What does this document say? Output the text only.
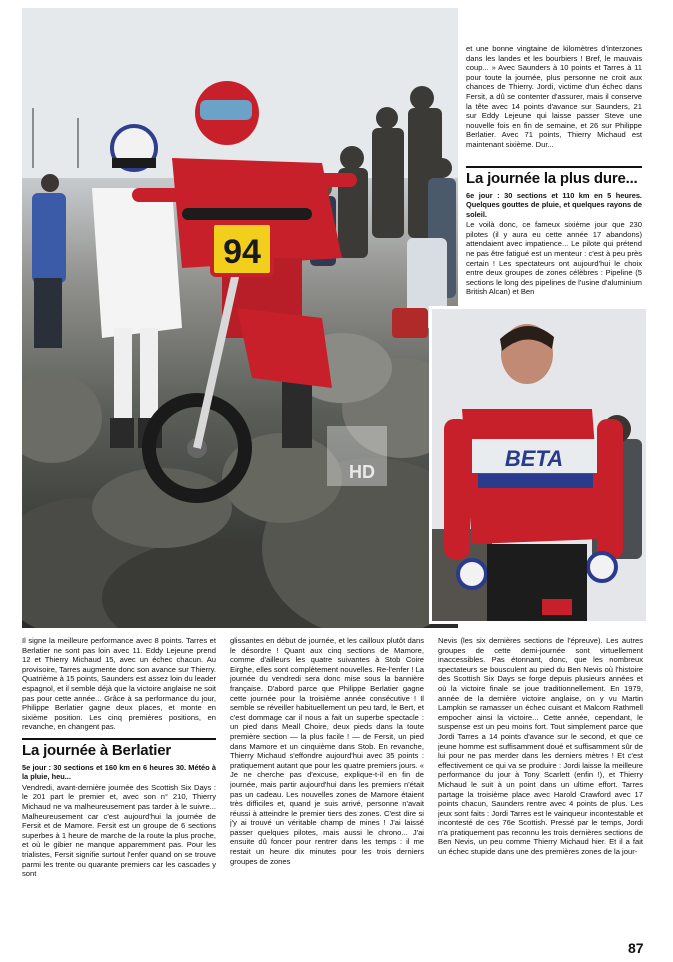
94
HD
BETA

et une bonne vingtaine de kilomètres d'interzones dans les landes et les bourbiers ! Bref, le mauvais coup... » Avec Saunders à 10 points et Tarres à 11 pour toute la journée, plus personne ne croit aux chances de Thierry. Jordi, victime d'un échec dans Fersit, a dû se contenter d'assurer, mais il conserve la tête avec 14 points d'avance sur Saunders, 21 sur Eddy Lejeune qui laisse passer Steve une nouvelle fois en fin de semaine, et 26 sur Philippe Berlatier. Avec 71 points, Thierry Michaud est maintenant sixième. Dur...

La journée la plus dure...
6e jour : 30 sections et 110 km en 5 heures. Quelques gouttes de pluie, et quelques rayons de soleil.

Le voilà donc, ce fameux sixième jour que 230 pilotes (il y aura eu cette année 17 abandons) attendaient avec impatience... Le pilote qui prétend ne pas être fatigué est un menteur : c'est à peu près certain ! Les spectateurs ont aujourd'hui le choix entre deux groupes de zones célèbres : Pipeline (5 sections le long des pipelines de l'usine d'aluminium British Alcan) et Ben

Il signe la meilleure performance avec 8 points. Tarres et Berlatier ne sont pas loin avec 11. Eddy Lejeune prend 12 et Thierry Michaud 15, avec un échec chacun. Au provisoire, Tarres augmente donc son avance sur Thierry. Quatrième à 15 points, Saunders est assez loin du leader espagnol, et il semble déjà que la victoire anglaise ne soit pas pour cette année... Grâce à sa performance du jour, Philippe Berlatier gagne deux places, et monte en sixième position. Les cinq premières positions, en revanche, en changent pas.

La journée à Berlatier
5e jour : 30 sections et 160 km en 6 heures 30. Météo à la pluie, heu...

Vendredi, avant-dernière journée des Scottish Six Days : le 201 part le premier et, avec son n° 210, Thierry Michaud ne va malheureusement pas tarder à le suivre... Malheureusement car c'est aujourd'hui la journée de Fersit et de Mamore. Fersit est un groupe de 6 sections superbes à 1 heure de marche de la route la plus proche, et où le gibier ne manque apparemment pas. Pour les trialistes, Fersit signifie surtout l'enfer quand on se trouve parmi les trente ou quarante premiers car les cascades y sont

glissantes en début de journée, et les cailloux plutôt dans le désordre ! Quant aux cinq sections de Mamore, comme d'ailleurs les quatre suivantes à Stob Coire Eirghe, elles sont complètement nouvelles. Re-l'enfer ! La journée du vendredi sera donc mise sous la bannière française. D'abord parce que Philippe Berlatier gagne cette journée pour la troisième année consécutive ! Il semble se réveiller habituellement un peu tard, le Bert, et c'est dommage car il nous a fait un superbe spectacle : un pied dans Meall Choire, deux pieds dans la toute première section — la plus facile ! — de Fersit, un pied dans Mamore et un cinquième dans Stob. En revanche, Thierry Michaud s'effondre aujourd'hui avec 35 points : pratiquement autant que pour les quatre premiers jours. « Je ne cherche pas d'excuse, explique-t-il en fin de journée, mais partir aujourd'hui dans les premiers n'était pas un cadeau. Les nouvelles zones de Mamore étaient très difficiles et, quand je suis arrivé, personne n'avait réussi à atteindre le premier tiers des zones. C'est dire si j'y ai trouvé un véritable champ de mines ! J'ai laissé passer quelques pilotes, mais aussi le chrono... J'ai ensuite dû foncer pour rentrer dans les temps : il me restait un heure dix minutes pour les trois derniers groupes de zones

Nevis (les six dernières sections de l'épreuve). Les autres groupes de cette demi-journée sont virtuellement inaccessibles. Pas étonnant, donc, que les nombreux spectateurs se bousculent au pied du Ben Nevis où l'histoire des Scottish Six Days se forge depuis plusieurs années et où la victoire finale se joue traditionnellement. En 1979, année de la dernière victoire anglaise, on y vu Martin Lampkin se ramasser un échec cuisant et Malcom Rathmell empocher ainsi la victoire... Cette année, cependant, le suspense est un peu moins fort. Tout simplement parce que Jordi Tarres a 14 points d'avance sur le second, et que ce jeune homme est suffisamment doué et suffisamment sûr de lui pour ne pas merder dans les derniers mètres ! Et c'est effectivement ce qui va se produire : Jordi laisse la meilleure performance du jour à Tony Scarlett (enfin !), et Thierry Michaud le suit à un point dans un ultime effort. Tarres partage la troisième place avec Harold Crawford avec 17 points chacun, Saunders rentre avec 4 points de plus. Les jeux sont faits : Jordi Tarres est le vainqueur incontestable et incontesté de ces 76e Scottish. Pressé par le temps, Jordi n'a pratiquement pas reconnu les trois dernières sections de Ben Nevis, un peu comme Thierry Michaud hier. Et il a fait un échec stupide dans une des premières zones de la jour-

87
